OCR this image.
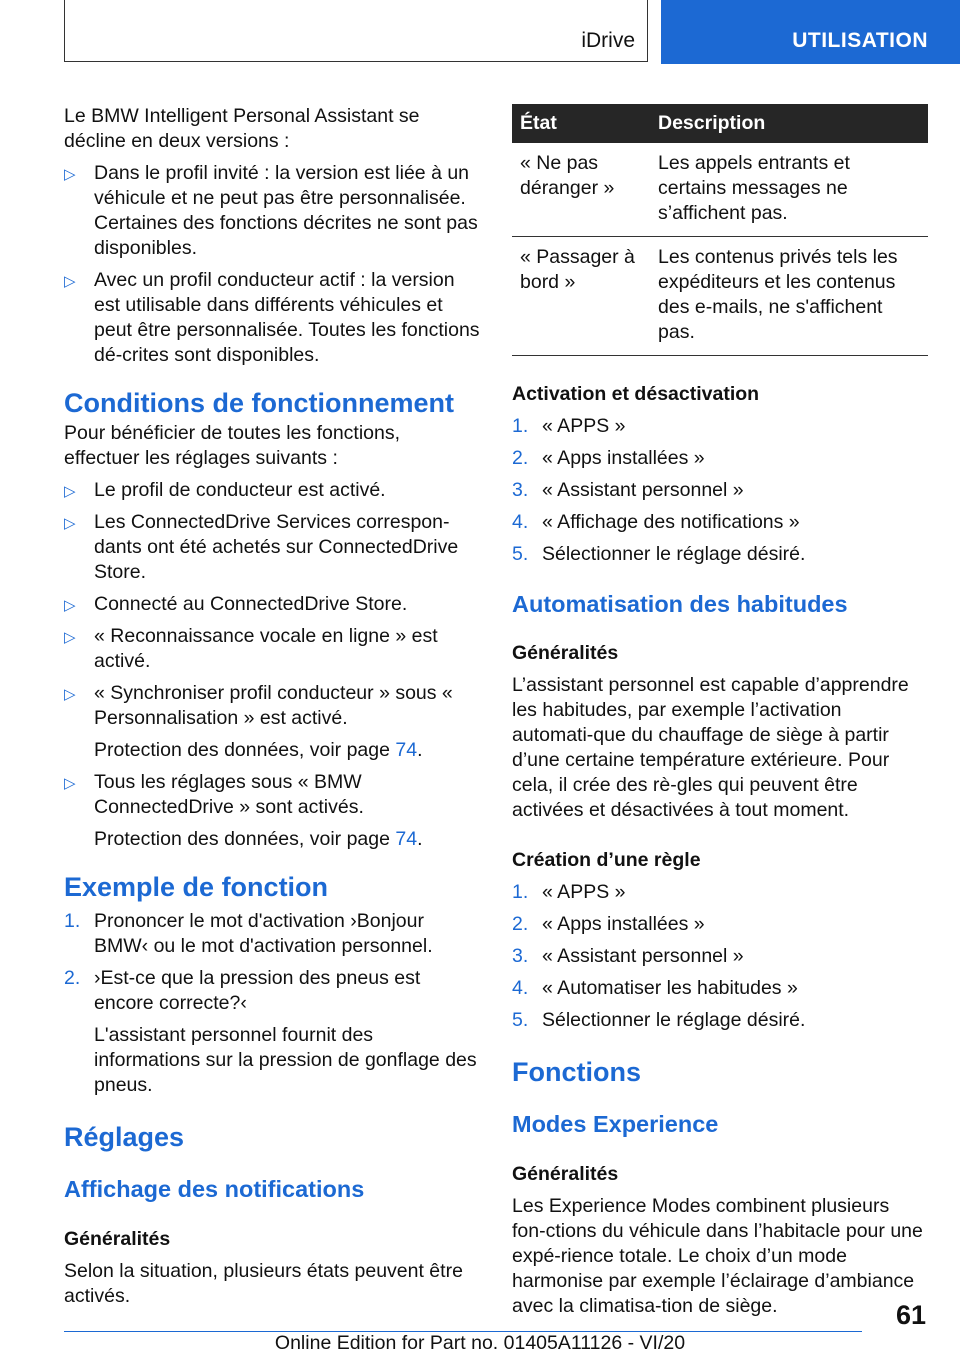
iDrive	UTILISATION

Le BMW Intelligent Personal Assistant se décline en deux versions :

▷ Dans le profil invité : la version est liée à un véhicule et ne peut pas être personnalisée. Certaines des fonctions décrites ne sont pas disponibles.
▷ Avec un profil conducteur actif : la version est utilisable dans différents véhicules et peut être personnalisée. Toutes les fonctions dé-crites sont disponibles.
Conditions de fonctionnement

Pour bénéficier de toutes les fonctions, effectuer les réglages suivants :

▷ Le profil de conducteur est activé.
▷ Les ConnectedDrive Services correspon-dants ont été achetés sur ConnectedDrive Store.
▷ Connecté au ConnectedDrive Store.
▷ « Reconnaissance vocale en ligne » est activé.
▷ « Synchroniser profil conducteur » sous « Personnalisation » est activé.
Protection des données, voir page 74.
▷ Tous les réglages sous « BMW ConnectedDrive » sont activés.
Protection des données, voir page 74.
Exemple de fonction
1. Prononcer le mot d'activation ›Bonjour BMW‹ ou le mot d'activation personnel.
2. ›Est-ce que la pression des pneus est encore correcte?‹
L'assistant personnel fournit des informations sur la pression de gonflage des pneus.
Réglages
Affichage des notifications
Généralités

Selon la situation, plusieurs états peuvent être activés.

État	Description
« Ne pas déranger »	Les appels entrants et certains messages ne s’affichent pas.
« Passager à bord »	Les contenus privés tels les expéditeurs et les contenus des e-mails, ne s'affichent pas.
Activation et désactivation
1. « APPS »
2. « Apps installées »
3. « Assistant personnel »
4. « Affichage des notifications »
5. Sélectionner le réglage désiré.
Automatisation des habitudes
Généralités

L’assistant personnel est capable d’apprendre les habitudes, par exemple l’activation automati-que du chauffage de siège à partir d’une certaine température extérieure. Pour cela, il crée des rè-gles qui peuvent être activées et désactivées à tout moment.

Création d’une règle
1. « APPS »
2. « Apps installées »
3. « Assistant personnel »
4. « Automatiser les habitudes »
5. Sélectionner le réglage désiré.
Fonctions
Modes Experience
Généralités

Les Experience Modes combinent plusieurs fon-ctions du véhicule dans l’habitacle pour une expé-rience totale. Le choix d’un mode harmonise par exemple l’éclairage d’ambiance avec la climatisa-tion de siège.	61
Online Edition for Part no. 01405A11126 - VI/20
